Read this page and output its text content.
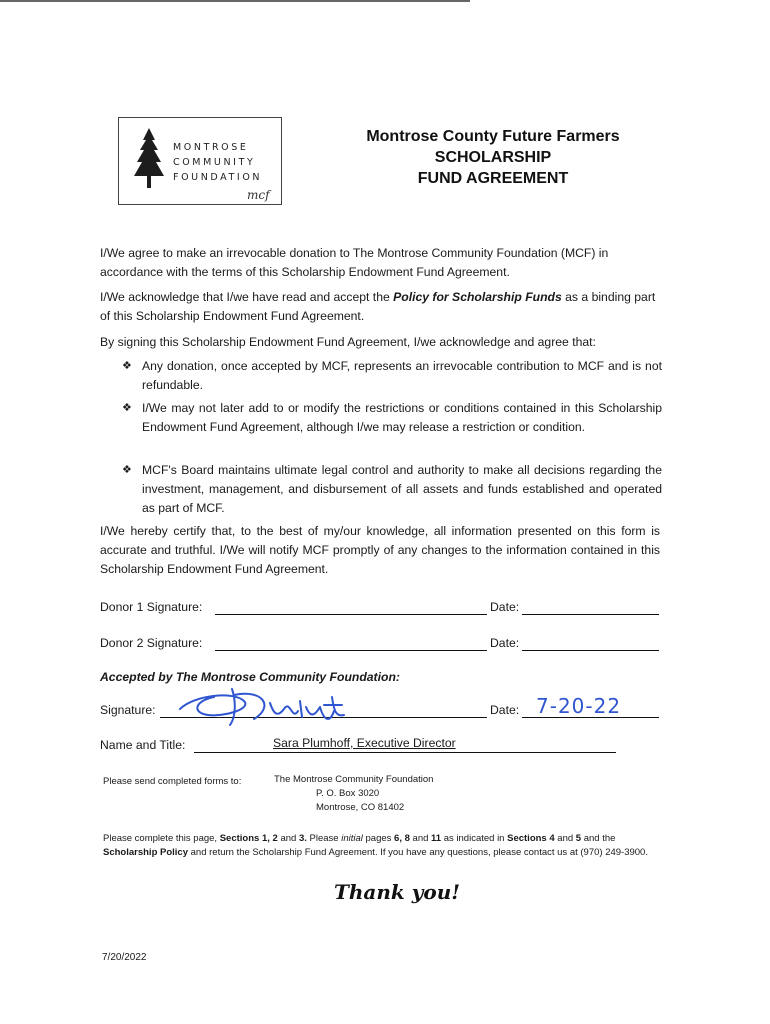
MONTROSE
COMMUNITY
FOUNDATION
mcf
Montrose County Future Farmers
SCHOLARSHIP
FUND AGREEMENT

I/We agree to make an irrevocable donation to The Montrose Community Foundation (MCF) in accordance with the terms of this Scholarship Endowment Fund Agreement.

I/We acknowledge that I/we have read and accept the Policy for Scholarship Funds as a binding part of this Scholarship Endowment Fund Agreement.

By signing this Scholarship Endowment Fund Agreement, I/we acknowledge and agree that:

❖ Any donation, once accepted by MCF, represents an irrevocable contribution to MCF and is not refundable.
❖ I/We may not later add to or modify the restrictions or conditions contained in this Scholarship Endowment Fund Agreement, although I/we may release a restriction or condition.
❖ MCF's Board maintains ultimate legal control and authority to make all decisions regarding the investment, management, and disbursement of all assets and funds established and operated as part of MCF.

I/We hereby certify that, to the best of my/our knowledge, all information presented on this form is accurate and truthful. I/We will notify MCF promptly of any changes to the information contained in this Scholarship Endowment Fund Agreement.

Donor 1 Signature:	Date:
Donor 2 Signature:	Date:
Accepted by The Montrose Community Foundation:
Signature:	Date: 7-20-22
Name and Title:	Sara Plumhoff, Executive Director
Please send completed forms to:	The Montrose Community Foundation
P. O. Box 3020
Montrose, CO 81402
Please complete this page, Sections 1, 2 and 3. Please initial pages 6, 8 and 11 as indicated in Sections 4 and 5 and the Scholarship Policy and return the Scholarship Fund Agreement. If you have any questions, please contact us at (970) 249-3900.
Thank you!
7/20/2022
